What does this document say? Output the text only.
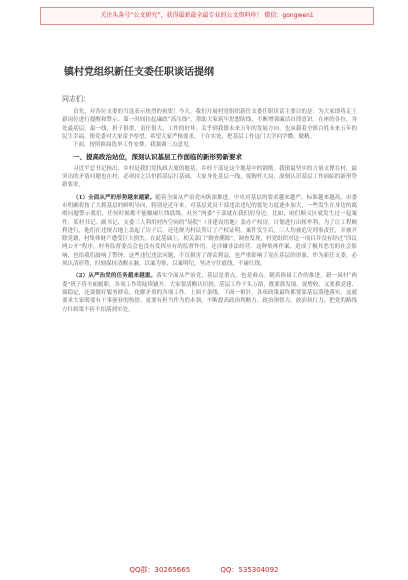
关注头条号“公文研究”，获得最新最全最专业的公文资料库！ 微信：gongwen1
镇村党组织新任支委任职谈话提纲
同志们：

首先，对各位支委的当选表示热烈的祝贺！今天，我们开展村党组织新任支委任职谈话主要目的是：为大家即将走上新岗位进行提醒和警示。第一时间拉起廉政“高压线”，帮助大家筑牢思想防线，不断增强廉洁自律意识。在座的各位，身处最基层，最一线，担子很重，责任很大，工作的好坏，关乎到我镇未来五年的发展方向，也承载着全镇百姓未来五年的民生幸福。镇党委对大家寄予厚望，希望大家严格要求，干在实处，把基层工作这门大学问学懂、做精。

下面，按照换届选举工作安排，我强调三点意见。

一、提高政治站位，深刻认识基层工作面临的新形势新要求

习近平总书记指出，乡村是我们党执政大厦的地基，乡村干部是这个地基中的钢筋。我镇最坚实的力量支撑在村，最突出的矛盾问题也在村，必须持之以恒抓基层打基础。大家身处基层一线，要胸怀大局，深刻认识基层工作面临的新形势新要求。

（1）全面从严的形势越来越紧。随着全面从严治党向纵深推进，中央对基层的要求越来越严，标准越来越高，市委市明确将按了大抓基层的鲜明导向，特别是近年来，对基层党员干部违法违纪的惩处力度逐步加大，一些发生在身边的腐败问题警示我们，任何时候都不能触碰红线底线。社区“两委”干部就在我们的身边。比如，咱们顺义区就发生过一起案件：某村书记、副书记、支委三人利用村内空闲的“场院”（非建设用地）盖办产权房，计划进行出租牟利，为了让工程顺利进行，他们在违规占地上盖起了房子后，还违规为村民签订了产权证明。案件发生后，三人均被追究刑事责任，并被开除党籍，村集体财产遭受巨大损失。在此基础上，相关部门“倒查溯源”，调查发现，村党组织对这一项目并没有经过“四议两公开”程序，村务监督委员会也没有发挥应有的监督作用，还涉嫌非法经营。这种集体作案，造成了极其恶劣的社会影响，也给我们敲响了警钟。这些违纪违法问题，不仅损害了群众利益，也严重影响了党在基层的形象。作为新任支委，必须认清形势，时刻保持清醒头脑，以案为鉴、以案明纪，坚决守住底线，不碰红线。

（2）从严治党的任务越来越重。落实全面从严治党，基层是重点，也是难点。随着换届工作的推进，新一届村“两委”班子将全面履职，各项工作将陆续铺开。大家要清醒认识到，基层工作千头万绪，既要抓发展、促增收，又要抓党建、保稳定，还要做好服务群众、化解矛盾的各项工作。上面千条线，下面一根针，各项政策最终都要靠基层落地落实。这就要求大家既要有干事创业的热情，更要有担当作为的本领，不断提高政治判断力、政治领悟力、政治执行力，把党的路线方针政策不折不扣落到实处。

QQ群：30265665	QQ：535304092
